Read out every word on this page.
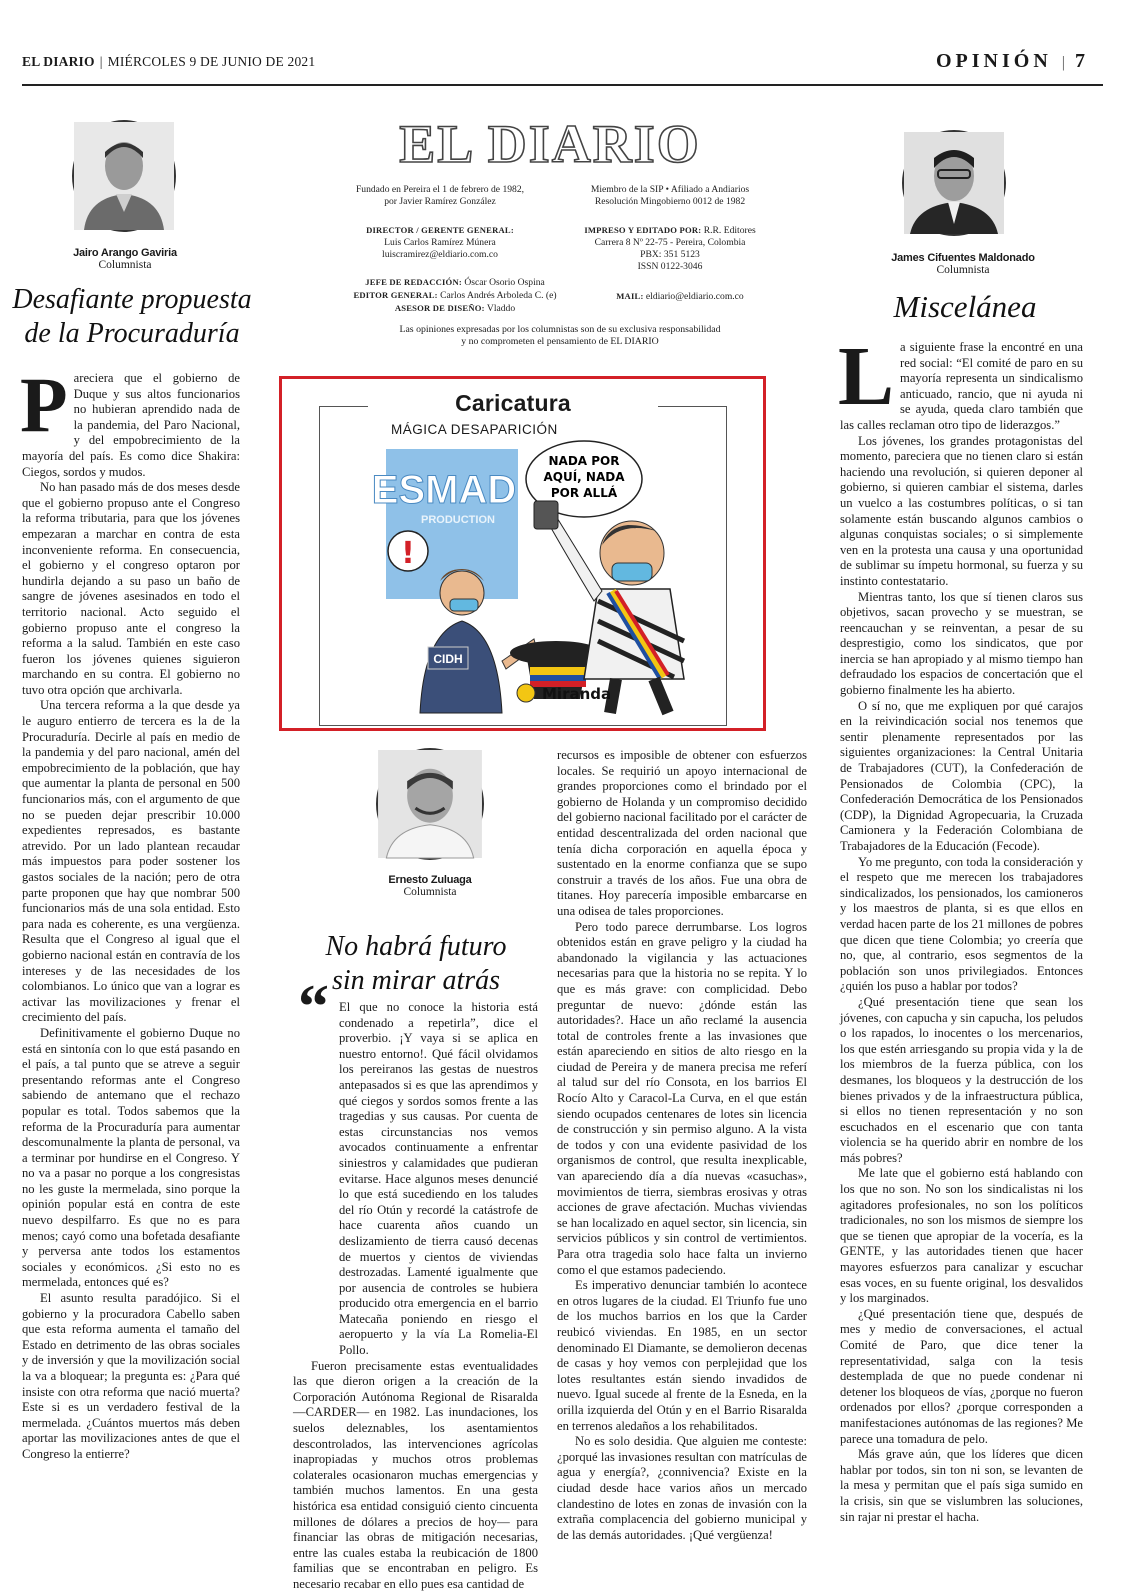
EL DIARIO | MIÉRCOLES 9 DE JUNIO DE 2021	OPINIÓN | 7
Jairo Arango Gaviria
Columnista
Desafiante propuesta
de la Procuraduría

Pareciera que el gobierno de Duque y sus altos funcionarios no hubieran aprendido nada de la pandemia, del Paro Nacional, y del empobrecimiento de la mayoría del país. Es como dice Shakira: Ciegos, sordos y mudos.

No han pasado más de dos meses desde que el gobierno propuso ante el Congreso la reforma tributaria, para que los jóvenes empezaran a marchar en contra de esta inconveniente reforma. En consecuencia, el gobierno y el congreso optaron por hundirla dejando a su paso un baño de sangre de jóvenes asesinados en todo el territorio nacional. Acto seguido el gobierno propuso ante el congreso la reforma a la salud. También en este caso fueron los jóvenes quienes siguieron marchando en su contra. El gobierno no tuvo otra opción que archivarla.

Una tercera reforma a la que desde ya le auguro entierro de tercera es la de la Procuraduría. Decirle al país en medio de la pandemia y del paro nacional, amén del empobrecimiento de la población, que hay que aumentar la planta de personal en 500 funcionarios más, con el argumento de que no se pueden dejar prescribir 10.000 expedientes represados, es bastante atrevido. Por un lado plantean recaudar más impuestos para poder sostener los gastos sociales de la nación; pero de otra parte proponen que hay que nombrar 500 funcionarios más de una sola entidad. Esto para nada es coherente, es una vergüenza. Resulta que el Congreso al igual que el gobierno nacional están en contravía de los intereses y de las necesidades de los colombianos. Lo único que van a lograr es activar las movilizaciones y frenar el crecimiento del país.

Definitivamente el gobierno Duque no está en sintonía con lo que está pasando en el país, a tal punto que se atreve a seguir presentando reformas ante el Congreso sabiendo de antemano que el rechazo popular es total. Todos sabemos que la reforma de la Procuraduría para aumentar descomunalmente la planta de personal, va a terminar por hundirse en el Congreso. Y no va a pasar no porque a los congresistas no les guste la mermelada, sino porque la opinión popular está en contra de este nuevo despilfarro. Es que no es para menos; cayó como una bofetada desafiante y perversa ante todos los estamentos sociales y económicos. ¿Si esto no es mermelada, entonces qué es?

El asunto resulta paradójico. Si el gobierno y la procuradora Cabello saben que esta reforma aumenta el tamaño del Estado en detrimento de las obras sociales y de inversión y que la movilización social la va a bloquear; la pregunta es: ¿Para qué insiste con otra reforma que nació muerta? Este si es un verdadero festival de la mermelada. ¿Cuántos muertos más deben aportar las movilizaciones antes de que el Congreso la entierre?

EL DIARIO
Fundado en Pereira el 1 de febrero de 1982,
por Javier Ramírez González
Miembro de la SIP • Afiliado a Andiarios
Resolución Mingobierno 0012 de 1982
DIRECTOR / GERENTE GENERAL:
Luis Carlos Ramírez Múnera
luiscramirez@eldiario.com.co
IMPRESO Y EDITADO POR: R.R. Editores
Carrera 8 Nº 22-75 - Pereira, Colombia
PBX: 351 5123
ISSN 0122-3046
JEFE DE REDACCIÓN: Óscar Osorio Ospina
EDITOR GENERAL: Carlos Andrés Arboleda C. (e)
ASESOR DE DISEÑO: Vladdo
MAIL: eldiario@eldiario.com.co
Las opiniones expresadas por los columnistas son de su exclusiva responsabilidad
y no comprometen el pensamiento de EL DIARIO
Caricatura
MÁGICA DESAPARICIÓN
ESMAD
PRODUCTION
NADA POR
AQUÍ, NADA
POR ALLÁ
!
CIDH
Miranda
Ernesto Zuluaga
Columnista
No habrá futuro
sin mirar atrás
“ El que no conoce la historia está condenado a repetirla”, dice el proverbio. ¡Y vaya si se aplica en nuestro entorno!. Qué fácil olvidamos los pereiranos las gestas de nuestros antepasados si es que las aprendimos y qué ciegos y sordos somos frente a las tragedias y sus causas. Por cuenta de estas circunstancias nos vemos avocados continuamente a enfrentar siniestros y calamidades que pudieran evitarse. Hace algunos meses denuncié lo que está sucediendo en los taludes del río Otún y recordé la catástrofe de hace cuarenta años cuando un deslizamiento de tierra causó decenas de muertos y cientos de viviendas destrozadas. Lamenté igualmente que por ausencia de controles se hubiera producido otra emergencia en el barrio Matecaña poniendo en riesgo el aeropuerto y la vía La Romelia-El Pollo.

Fueron precisamente estas eventualidades las que dieron origen a la creación de la Corporación Autónoma Regional de Risaralda —CARDER— en 1982. Las inundaciones, los suelos deleznables, los asentamientos descontrolados, las intervenciones agrícolas inapropiadas y muchos otros problemas colaterales ocasionaron muchas emergencias y también muchos lamentos. En una gesta histórica esa entidad consiguió ciento cincuenta millones de dólares a precios de hoy— para financiar las obras de mitigación necesarias, entre las cuales estaba la reubicación de 1800 familias que se encontraban en peligro. Es necesario recabar en ello pues esa cantidad de

recursos es imposible de obtener con esfuerzos locales. Se requirió un apoyo internacional de grandes proporciones como el brindado por el gobierno de Holanda y un compromiso decidido del gobierno nacional facilitado por el carácter de entidad descentralizada del orden nacional que tenía dicha corporación en aquella época y sustentado en la enorme confianza que se supo construir a través de los años. Fue una obra de titanes. Hoy parecería imposible embarcarse en una odisea de tales proporciones.

Pero todo parece derrumbarse. Los logros obtenidos están en grave peligro y la ciudad ha abandonado la vigilancia y las actuaciones necesarias para que la historia no se repita. Y lo que es más grave: con complicidad. Debo preguntar de nuevo: ¿dónde están las autoridades?. Hace un año reclamé la ausencia total de controles frente a las invasiones que están apareciendo en sitios de alto riesgo en la ciudad de Pereira y de manera precisa me referí al talud sur del río Consota, en los barrios El Rocío Alto y Caracol-La Curva, en el que están siendo ocupados centenares de lotes sin licencia de construcción y sin permiso alguno. A la vista de todos y con una evidente pasividad de los organismos de control, que resulta inexplicable, van apareciendo día a día nuevas «casuchas», movimientos de tierra, siembras erosivas y otras acciones de grave afectación. Muchas viviendas se han localizado en aquel sector, sin licencia, sin servicios públicos y sin control de vertimientos. Para otra tragedia solo hace falta un invierno como el que estamos padeciendo.

Es imperativo denunciar también lo acontece en otros lugares de la ciudad. El Triunfo fue uno de los muchos barrios en los que la Carder reubicó viviendas. En 1985, en un sector denominado El Diamante, se demolieron decenas de casas y hoy vemos con perplejidad que los lotes resultantes están siendo invadidos de nuevo. Igual sucede al frente de la Esneda, en la orilla izquierda del Otún y en el Barrio Risaralda en terrenos aledaños a los rehabilitados.

No es solo desidia. Que alguien me conteste: ¿porqué las invasiones resultan con matrículas de agua y energía?, ¿connivencia? Existe en la ciudad desde hace varios años un mercado clandestino de lotes en zonas de invasión con la extraña complacencia del gobierno municipal y de las demás autoridades. ¡Qué vergüenza!

James Cifuentes Maldonado
Columnista
Miscelánea

La siguiente frase la encontré en una red social: “El comité de paro en su mayoría representa un sindicalismo anticuado, rancio, que ni ayuda ni se ayuda, queda claro también que las calles reclaman otro tipo de liderazgos.”

Los jóvenes, los grandes protagonistas del momento, pareciera que no tienen claro si están haciendo una revolución, si quieren deponer al gobierno, si quieren cambiar el sistema, darles un vuelco a las costumbres políticas, o si tan solamente están buscando algunos cambios o algunas conquistas sociales; o si simplemente ven en la protesta una causa y una oportunidad de sublimar su ímpetu hormonal, su fuerza y su instinto contestatario.

Mientras tanto, los que sí tienen claros sus objetivos, sacan provecho y se muestran, se reencauchan y se reinventan, a pesar de su desprestigio, como los sindicatos, que por inercia se han apropiado y al mismo tiempo han defraudado los espacios de concertación que el gobierno finalmente les ha abierto.

O sí no, que me expliquen por qué carajos en la reivindicación social nos tenemos que sentir plenamente representados por las siguientes organizaciones: la Central Unitaria de Trabajadores (CUT), la Confederación de Pensionados de Colombia (CPC), la Confederación Democrática de los Pensionados (CDP), la Dignidad Agropecuaria, la Cruzada Camionera y la Federación Colombiana de Trabajadores de la Educación (Fecode).

Yo me pregunto, con toda la consideración y el respeto que me merecen los trabajadores sindicalizados, los pensionados, los camioneros y los maestros de planta, si es que ellos en verdad hacen parte de los 21 millones de pobres que dicen que tiene Colombia; yo creería que no, que, al contrario, esos segmentos de la población son unos privilegiados. Entonces ¿quién los puso a hablar por todos?

¿Qué presentación tiene que sean los jóvenes, con capucha y sin capucha, los peludos o los rapados, lo inocentes o los mercenarios, los que estén arriesgando su propia vida y la de los miembros de la fuerza pública, con los desmanes, los bloqueos y la destrucción de los bienes privados y de la infraestructura pública, si ellos no tienen representación y no son escuchados en el escenario que con tanta violencia se ha querido abrir en nombre de los más pobres?

Me late que el gobierno está hablando con los que no son. No son los sindicalistas ni los agitadores profesionales, no son los políticos tradicionales, no son los mismos de siempre los que se tienen que apropiar de la vocería, es la GENTE, y las autoridades tienen que hacer mayores esfuerzos para canalizar y escuchar esas voces, en su fuente original, los desvalidos y los marginados.

¿Qué presentación tiene que, después de mes y medio de conversaciones, el actual Comité de Paro, que dice tener la representatividad, salga con la tesis destemplada de que no puede condenar ni detener los bloqueos de vías, ¿porque no fueron ordenados por ellos? ¿porque corresponden a manifestaciones autónomas de las regiones? Me parece una tomadura de pelo.

Más grave aún, que los líderes que dicen hablar por todos, sin ton ni son, se levanten de la mesa y permitan que el país siga sumido en la crisis, sin que se vislumbren las soluciones, sin rajar ni prestar el hacha.
